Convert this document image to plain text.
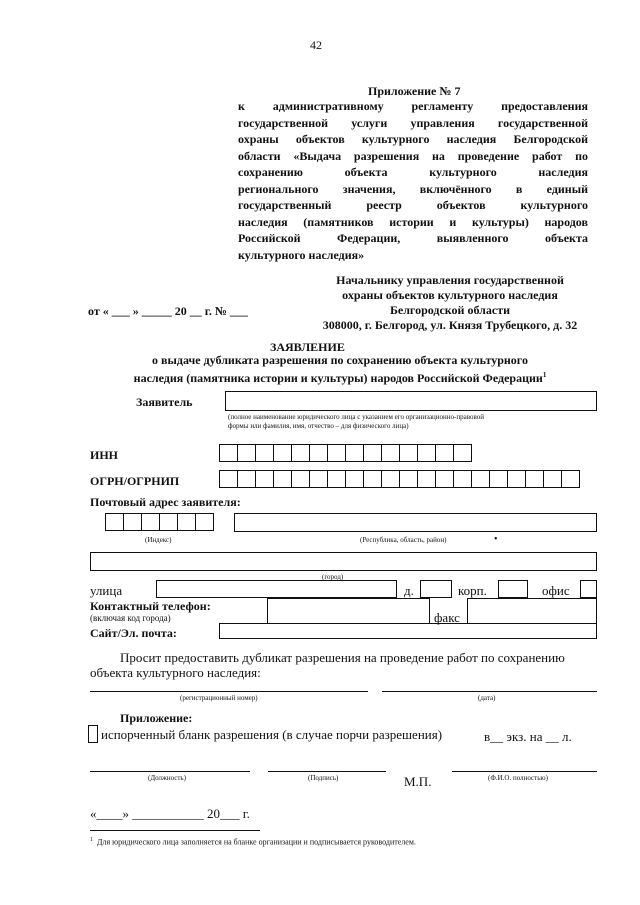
42
Приложение № 7
к административному регламенту предоставления
государственной услуги управления государственной
охраны объектов культурного наследия Белгородской
области «Выдача разрешения на проведение работ по
сохранению объекта культурного наследия
регионального значения, включённого в единый
государственный реестр объектов культурного
наследия (памятников истории и культуры) народов
Российской Федерации, выявленного объекта
культурного наследия»
Начальнику управления государственной
охраны объектов культурного наследия
Белгородской области
308000, г. Белгород, ул. Князя Трубецкого, д. 32
от « ___ » _____ 20 __ г. № ___
ЗАЯВЛЕНИЕ
о выдаче дубликата разрешения по сохранению объекта культурного
наследия (памятника истории и культуры) народов Российской Федерации$^1$
Заявитель
(полное наименование юридического лица с указанием его организационно-правовой
формы или фамилия, имя, отчество – для физического лица)
ИНН
ОГРН/ОГРНИП
Почтовый адрес заявителя:
(Индекс)	(Республика, область, район)	•
(город)
улица	д.	корп.	офис
Контактный телефон:
(включая код города)	факс
Сайт/Эл. почта:
Просит предоставить дубликат разрешения на проведение работ по сохранению
объекта культурного наследия:
(регистрационный номер)	(дата)
Приложение:
испорченный бланк разрешения (в случае порчи разрешения)	в__ экз. на __ л.
(Должность)	(Подпись)	М.П.	(Ф.И.О. полностью)
«____» ___________ 20___ г.
$^1$ Для юридического лица заполняется на бланке организации и подписывается руководителем.
